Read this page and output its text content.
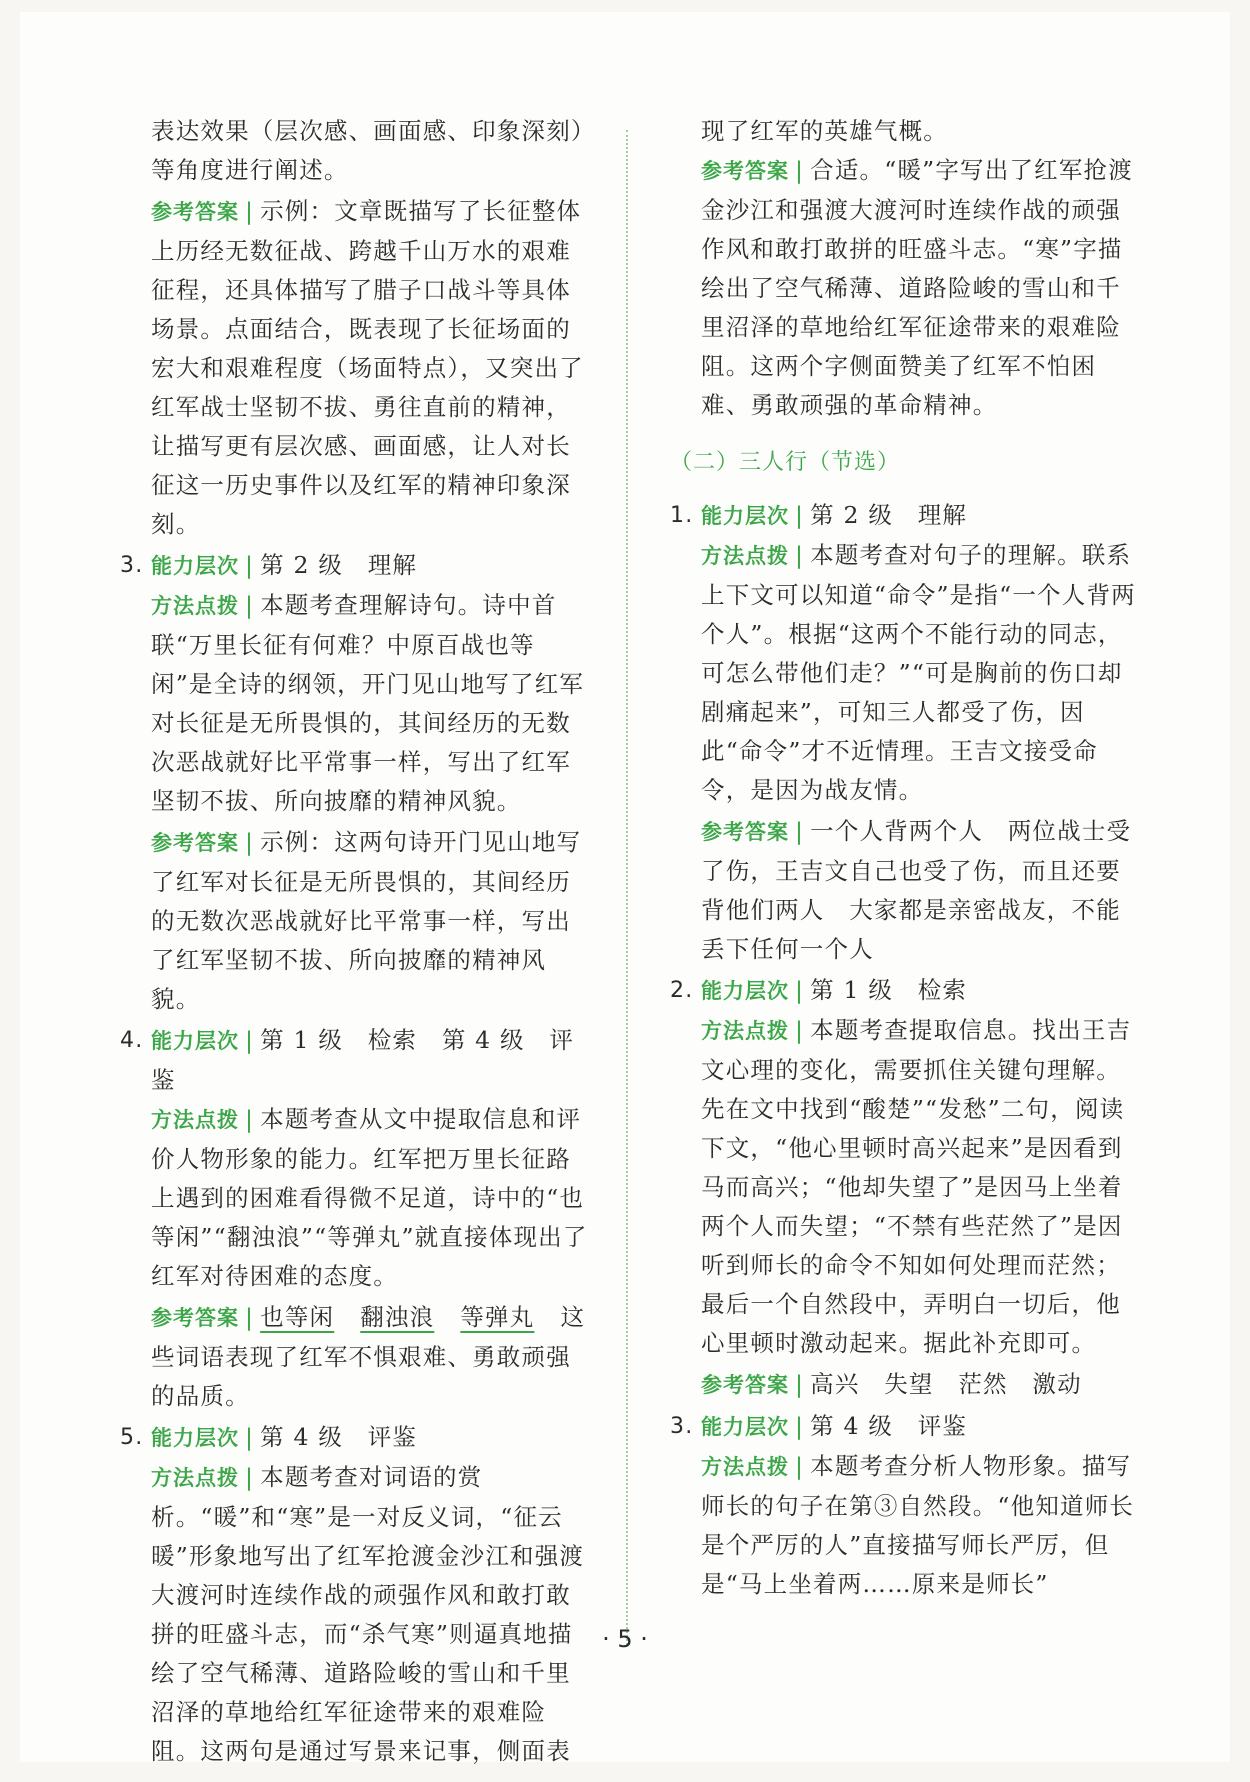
表达效果（层次感、画面感、印象深刻）

等角度进行阐述。

参考答案 | 示例：文章既描写了长征整体上历经无数征战、跨越千山万水的艰难征程，还具体描写了腊子口战斗等具体场景。点面结合，既表现了长征场面的宏大和艰难程度（场面特点），又突出了红军战士坚韧不拔、勇往直前的精神，让描写更有层次感、画面感，让人对长征这一历史事件以及红军的精神印象深刻。

3. 能力层次 | 第 2 级　理解

方法点拨 | 本题考查理解诗句。诗中首联“万里长征有何难？中原百战也等闲”是全诗的纲领，开门见山地写了红军对长征是无所畏惧的，其间经历的无数次恶战就好比平常事一样，写出了红军坚韧不拔、所向披靡的精神风貌。

参考答案 | 示例：这两句诗开门见山地写了红军对长征是无所畏惧的，其间经历的无数次恶战就好比平常事一样，写出了红军坚韧不拔、所向披靡的精神风貌。

4. 能力层次 | 第 1 级　检索　第 4 级　评鉴

方法点拨 | 本题考查从文中提取信息和评价人物形象的能力。红军把万里长征路上遇到的困难看得微不足道，诗中的“也等闲”“翻浊浪”“等弹丸”就直接体现出了红军对待困难的态度。

参考答案 | 也等闲 翻浊浪 等弹丸 这些词语表现了红军不惧艰难、勇敢顽强的品质。

5. 能力层次 | 第 4 级　评鉴

方法点拨 | 本题考查对词语的赏析。“暖”和“寒”是一对反义词，“征云暖”形象地写出了红军抢渡金沙江和强渡大渡河时连续作战的顽强作风和敢打敢拼的旺盛斗志，而“杀气寒”则逼真地描绘了空气稀薄、道路险峻的雪山和千里沼泽的草地给红军征途带来的艰难险阻。这两句是通过写景来记事，侧面表

现了红军的英雄气概。

参考答案 | 合适。“暖”字写出了红军抢渡金沙江和强渡大渡河时连续作战的顽强作风和敢打敢拼的旺盛斗志。“寒”字描绘出了空气稀薄、道路险峻的雪山和千里沼泽的草地给红军征途带来的艰难险阻。这两个字侧面赞美了红军不怕困难、勇敢顽强的革命精神。

（二）三人行（节选）

1. 能力层次 | 第 2 级　理解

方法点拨 | 本题考查对句子的理解。联系上下文可以知道“命令”是指“一个人背两个人”。根据“这两个不能行动的同志，可怎么带他们走？”“可是胸前的伤口却剧痛起来”，可知三人都受了伤，因此“命令”才不近情理。王吉文接受命令，是因为战友情。

参考答案 | 一个人背两个人　两位战士受了伤，王吉文自己也受了伤，而且还要背他们两人　大家都是亲密战友，不能丢下任何一个人

2. 能力层次 | 第 1 级　检索

方法点拨 | 本题考查提取信息。找出王吉文心理的变化，需要抓住关键句理解。先在文中找到“酸楚”“发愁”二句，阅读下文，“他心里顿时高兴起来”是因看到马而高兴；“他却失望了”是因马上坐着两个人而失望；“不禁有些茫然了”是因听到师长的命令不知如何处理而茫然；最后一个自然段中，弄明白一切后，他心里顿时激动起来。据此补充即可。

参考答案 | 高兴　失望　茫然　激动

3. 能力层次 | 第 4 级　评鉴

方法点拨 | 本题考查分析人物形象。描写师长的句子在第③自然段。“他知道师长是个严厉的人”直接描写师长严厉，但是“马上坐着两……原来是师长”

· 5 ·
